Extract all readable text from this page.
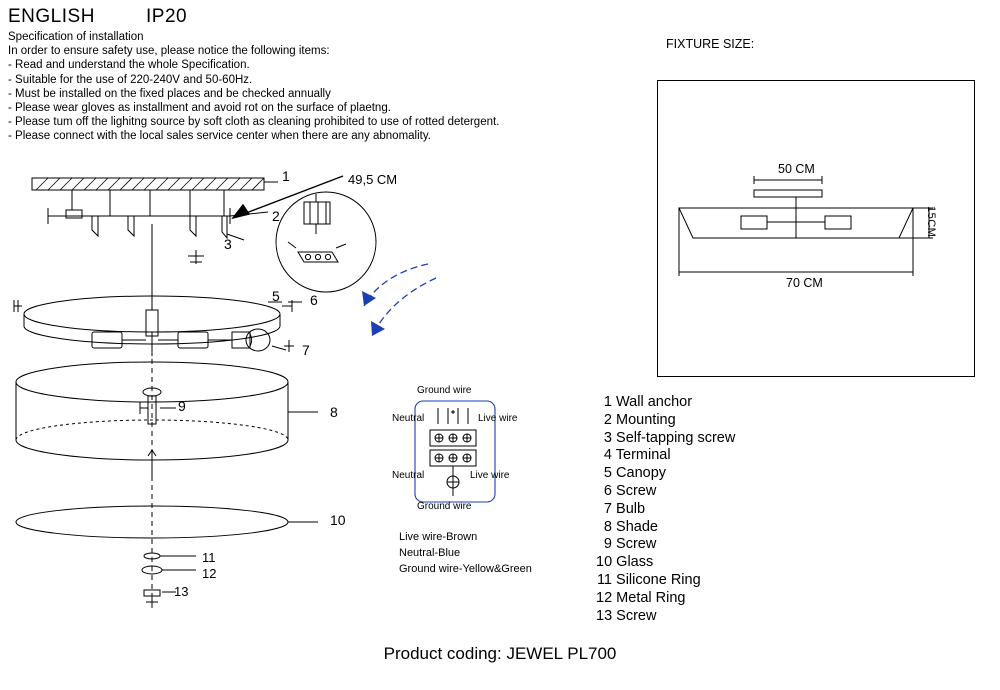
ENGLISH	IP20
Specification of installation
In order to ensure safety use, please notice the following items:
- Read and understand the whole Specification.
- Suitable for the use of 220-240V and 50-60Hz.
- Must be installed on the fixed places and be checked annually
- Please wear gloves as installment and avoid rot on the surface of plaetng.
- Please tum off the lighitng source by soft cloth as cleaning prohibited to use of rotted detergent.
- Please connect with the local sales service center when there are any abnomality.
FIXTURE SIZE:
50 CM
70 CM
15CM
1
2
3
5 6
7
8
9
10
11
12
13
49,5 CM
Ground wire
Neutral	Live wire
Neutral	Live wire
Ground wire
Live wire-Brown
Neutral-Blue
Ground wire-Yellow&Green
1 Wall anchor
2 Mounting
3 Self-tapping screw
4 Terminal
5 Canopy
6 Screw
7 Bulb
8 Shade
9 Screw
10 Glass
11 Silicone Ring
12 Metal Ring
13 Screw
Product coding: JEWEL PL700
